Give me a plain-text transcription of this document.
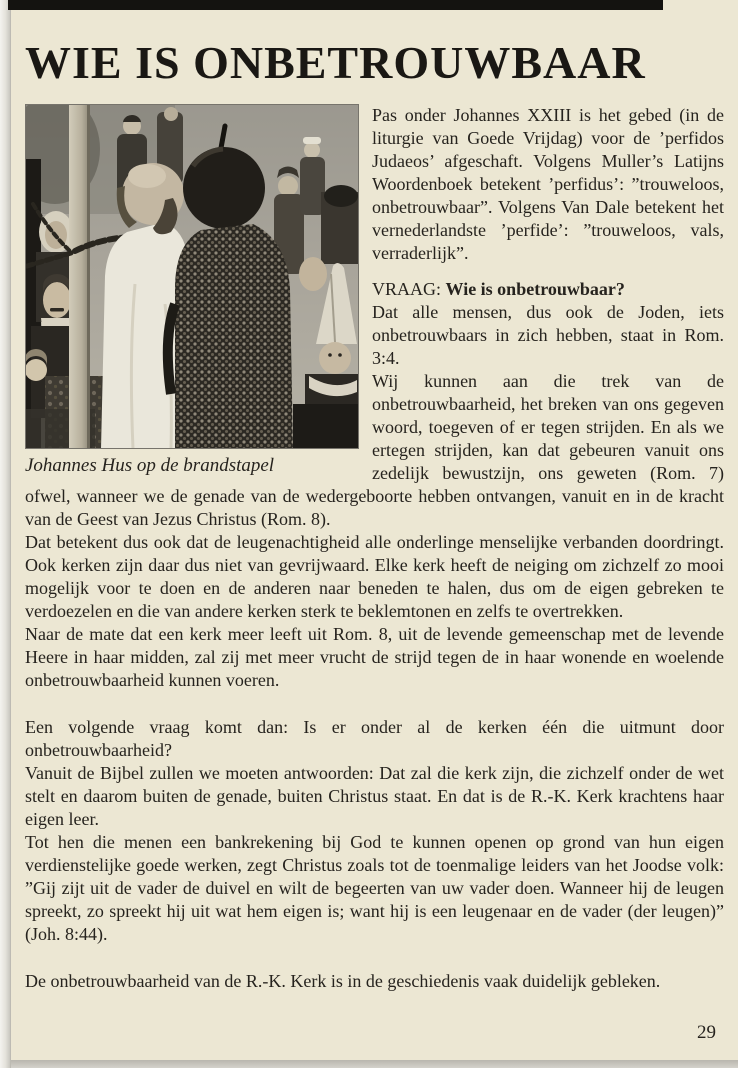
WIE IS ONBETROUWBAAR
Johannes Hus op de brandstapel

Pas onder Johannes XXIII is het gebed (in de liturgie van Goede Vrijdag) voor de ’perfidos Judaeos’ afgeschaft. Volgens Muller’s Latijns Woordenboek betekent ’perfidus’: ”trouweloos, onbetrouwbaar”. Volgens Van Dale betekent het vernederlandste ’perfide’: ”trouweloos, vals, verraderlijk”.

VRAAG: Wie is onbetrouwbaar?

Dat alle mensen, dus ook de Joden, iets onbetrouwbaars in zich hebben, staat in Rom. 3:4.

Wij kunnen aan die trek van de onbetrouwbaarheid, het breken van ons gegeven woord, toegeven of er tegen strijden. En als we ertegen strijden, kan dat gebeuren vanuit ons zedelijk bewustzijn, ons geweten (Rom. 7) ofwel, wanneer we de genade van de wedergeboorte hebben ontvangen, vanuit en in de kracht van de Geest van Jezus Christus (Rom. 8).

Dat betekent dus ook dat de leugenachtigheid alle onderlinge menselijke verbanden doordringt. Ook kerken zijn daar dus niet van gevrijwaard. Elke kerk heeft de neiging om zichzelf zo mooi mogelijk voor te doen en de anderen naar beneden te halen, dus om de eigen gebreken te verdoezelen en die van andere kerken sterk te beklemtonen en zelfs te overtrekken.

Naar de mate dat een kerk meer leeft uit Rom. 8, uit de levende gemeenschap met de levende Heere in haar midden, zal zij met meer vrucht de strijd tegen de in haar wonende en woelende onbetrouwbaarheid kunnen voeren.

Een volgende vraag komt dan: Is er onder al de kerken één die uitmunt door onbetrouwbaarheid?

Vanuit de Bijbel zullen we moeten antwoorden: Dat zal die kerk zijn, die zichzelf onder de wet stelt en daarom buiten de genade, buiten Christus staat. En dat is de R.-K. Kerk krachtens haar eigen leer.

Tot hen die menen een bankrekening bij God te kunnen openen op grond van hun eigen verdienstelijke goede werken, zegt Christus zoals tot de toenmalige leiders van het Joodse volk: ”Gij zijt uit de vader de duivel en wilt de begeerten van uw vader doen. Wanneer hij de leugen spreekt, zo spreekt hij uit wat hem eigen is; want hij is een leugenaar en de vader (der leugen)” (Joh. 8:44).

De onbetrouwbaarheid van de R.-K. Kerk is in de geschiedenis vaak duidelijk gebleken.

29
